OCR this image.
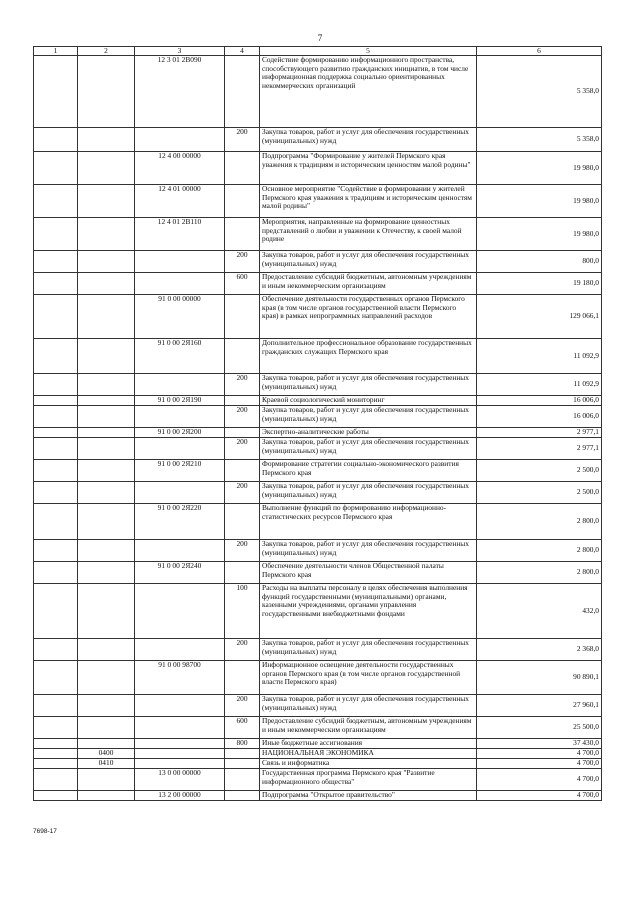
7
1	2	3	4	5	6
		12 3 01 2В090		Содействие формированию информационного пространства, способствующего развитию гражданских инициатив, в том числе информационная поддержка социально ориентированных некоммерческих организаций	5 358,0
			200	Закупка товаров, работ и услуг для обеспечения государственных (муниципальных) нужд	5 358,0
		12 4 00 00000		Подпрограмма "Формирование у жителей Пермского края уважения к традициям и историческим ценностям малой родины"	19 980,0
		12 4 01 00000		Основное мероприятие "Содействие в формировании у жителей Пермского края уважения к традициям и историческим ценностям малой родины"	19 980,0
		12 4 01 2В110		Мероприятия, направленные на формирование ценностных представлений о любви и уважении к Отечеству, к своей малой родине	19 980,0
			200	Закупка товаров, работ и услуг для обеспечения государственных (муниципальных) нужд	800,0
			600	Предоставление субсидий бюджетным, автономным учреждениям и иным некоммерческим организациям	19 180,0
		91 0 00 00000		Обеспечение деятельности государственных органов Пермского края (в том числе органов государственной власти Пермского края) в рамках непрограммных направлений расходов	129 066,1
		91 0 00 2Я160		Дополнительное профессиональное образование государственных гражданских служащих Пермского края	11 092,9
			200	Закупка товаров, работ и услуг для обеспечения государственных (муниципальных) нужд	11 092,9
		91 0 00 2Я190		Краевой социологический мониторинг	16 006,0
			200	Закупка товаров, работ и услуг для обеспечения государственных (муниципальных) нужд	16 006,0
		91 0 00 2Я200		Экспертно-аналитические работы	2 977,1
			200	Закупка товаров, работ и услуг для обеспечения государственных (муниципальных) нужд	2 977,1
		91 0 00 2Я210		Формирование стратегии социально-экономического развития Пермского края	2 500,0
			200	Закупка товаров, работ и услуг для обеспечения государственных (муниципальных) нужд	2 500,0
		91 0 00 2Я220		Выполнение функций по формированию информационно-статистических ресурсов Пермского края	2 800,0
			200	Закупка товаров, работ и услуг для обеспечения государственных (муниципальных) нужд	2 800,0
		91 0 00 2Я240		Обеспечение деятельности членов Общественной палаты Пермского края	2 800,0
			100	Расходы на выплаты персоналу в целях обеспечения выполнения функций государственными (муниципальными) органами, казенными учреждениями, органами управления государственными внебюджетными фондами	432,0
			200	Закупка товаров, работ и услуг для обеспечения государственных (муниципальных) нужд	2 368,0
		91 0 00 98700		Информационное освещение деятельности государственных органов Пермского края (в том числе органов государственной власти Пермского края)	90 890,1
			200	Закупка товаров, работ и услуг для обеспечения государственных (муниципальных) нужд	27 960,1
			600	Предоставление субсидий бюджетным, автономным учреждениям и иным некоммерческим организациям	25 500,0
			800	Иные бюджетные ассигнования	37 430,0
	0400			НАЦИОНАЛЬНАЯ ЭКОНОМИКА	4 700,0
	0410			Связь и информатика	4 700,0
		13 0 00 00000		Государственная программа Пермского края "Развитие информационного общества"	4 700,0
		13 2 00 00000		Подпрограмма "Открытое правительство"	4 700,0
7698-17
